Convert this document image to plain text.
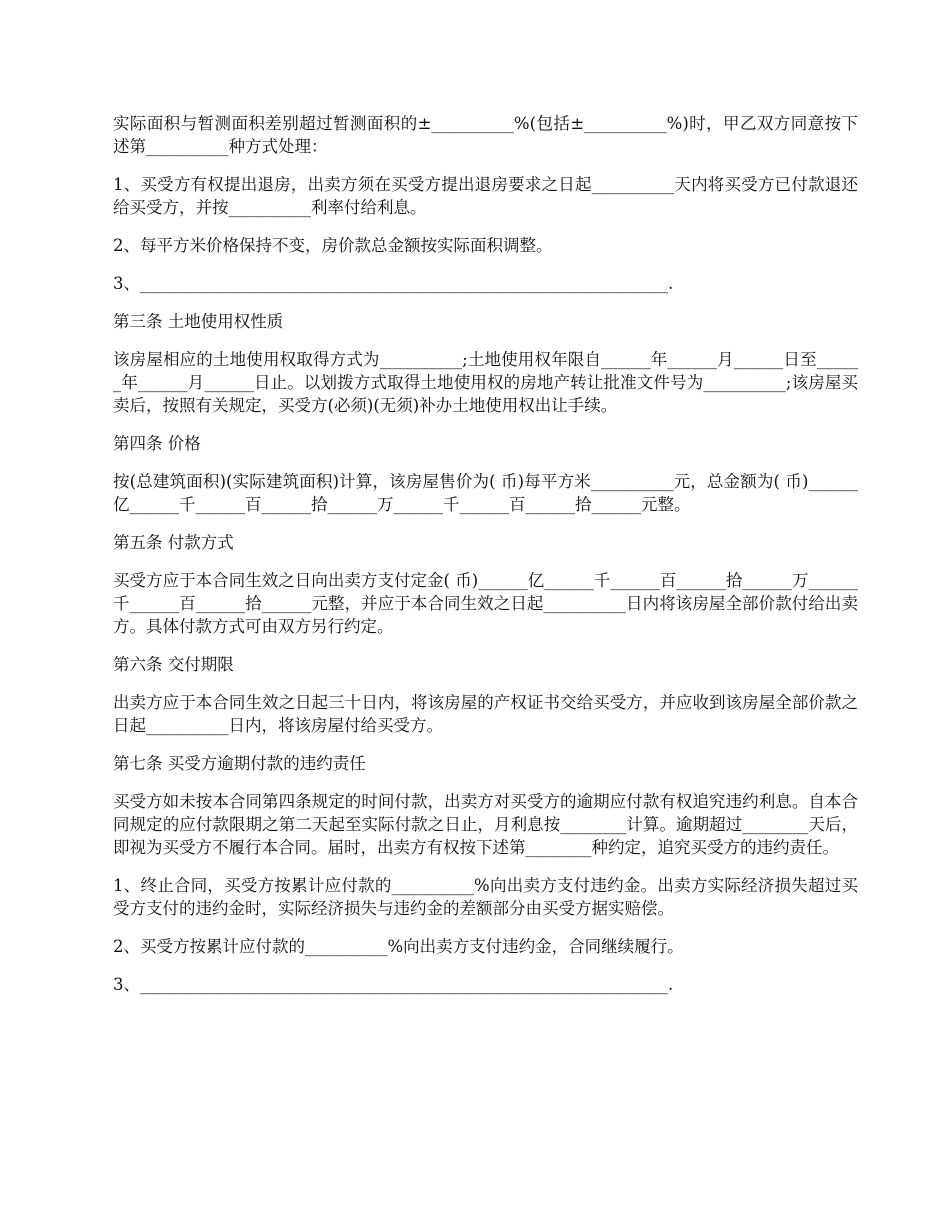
实际面积与暂测面积差别超过暂测面积的±__________%(包括±__________%)时，甲乙双方同意按下述第__________种方式处理：

1、买受方有权提出退房，出卖方须在买受方提出退房要求之日起__________天内将买受方已付款退还给买受方，并按__________利率付给利息。

2、每平方米价格保持不变，房价款总金额按实际面积调整。

3、________________________________________________________________.

第三条 土地使用权性质

该房屋相应的土地使用权取得方式为__________;土地使用权年限自______年______月______日至______年______月______日止。以划拨方式取得土地使用权的房地产转让批准文件号为__________;该房屋买卖后，按照有关规定，买受方(必须)(无须)补办土地使用权出让手续。

第四条 价格

按(总建筑面积)(实际建筑面积)计算，该房屋售价为( 币)每平方米__________元，总金额为( 币)______亿______千______百______拾______万______千______百______拾______元整。

第五条 付款方式

买受方应于本合同生效之日向出卖方支付定金( 币)______亿______千______百______拾______万______千______百______拾______元整，并应于本合同生效之日起__________日内将该房屋全部价款付给出卖方。具体付款方式可由双方另行约定。

第六条 交付期限

出卖方应于本合同生效之日起三十日内，将该房屋的产权证书交给买受方，并应收到该房屋全部价款之日起__________日内，将该房屋付给买受方。

第七条 买受方逾期付款的违约责任

买受方如未按本合同第四条规定的时间付款，出卖方对买受方的逾期应付款有权追究违约利息。自本合同规定的应付款限期之第二天起至实际付款之日止，月利息按________计算。逾期超过________天后，即视为买受方不履行本合同。届时，出卖方有权按下述第________种约定，追究买受方的违约责任。

1、终止合同，买受方按累计应付款的__________%向出卖方支付违约金。出卖方实际经济损失超过买受方支付的违约金时，实际经济损失与违约金的差额部分由买受方据实赔偿。

2、买受方按累计应付款的__________%向出卖方支付违约金，合同继续履行。

3、________________________________________________________________.
